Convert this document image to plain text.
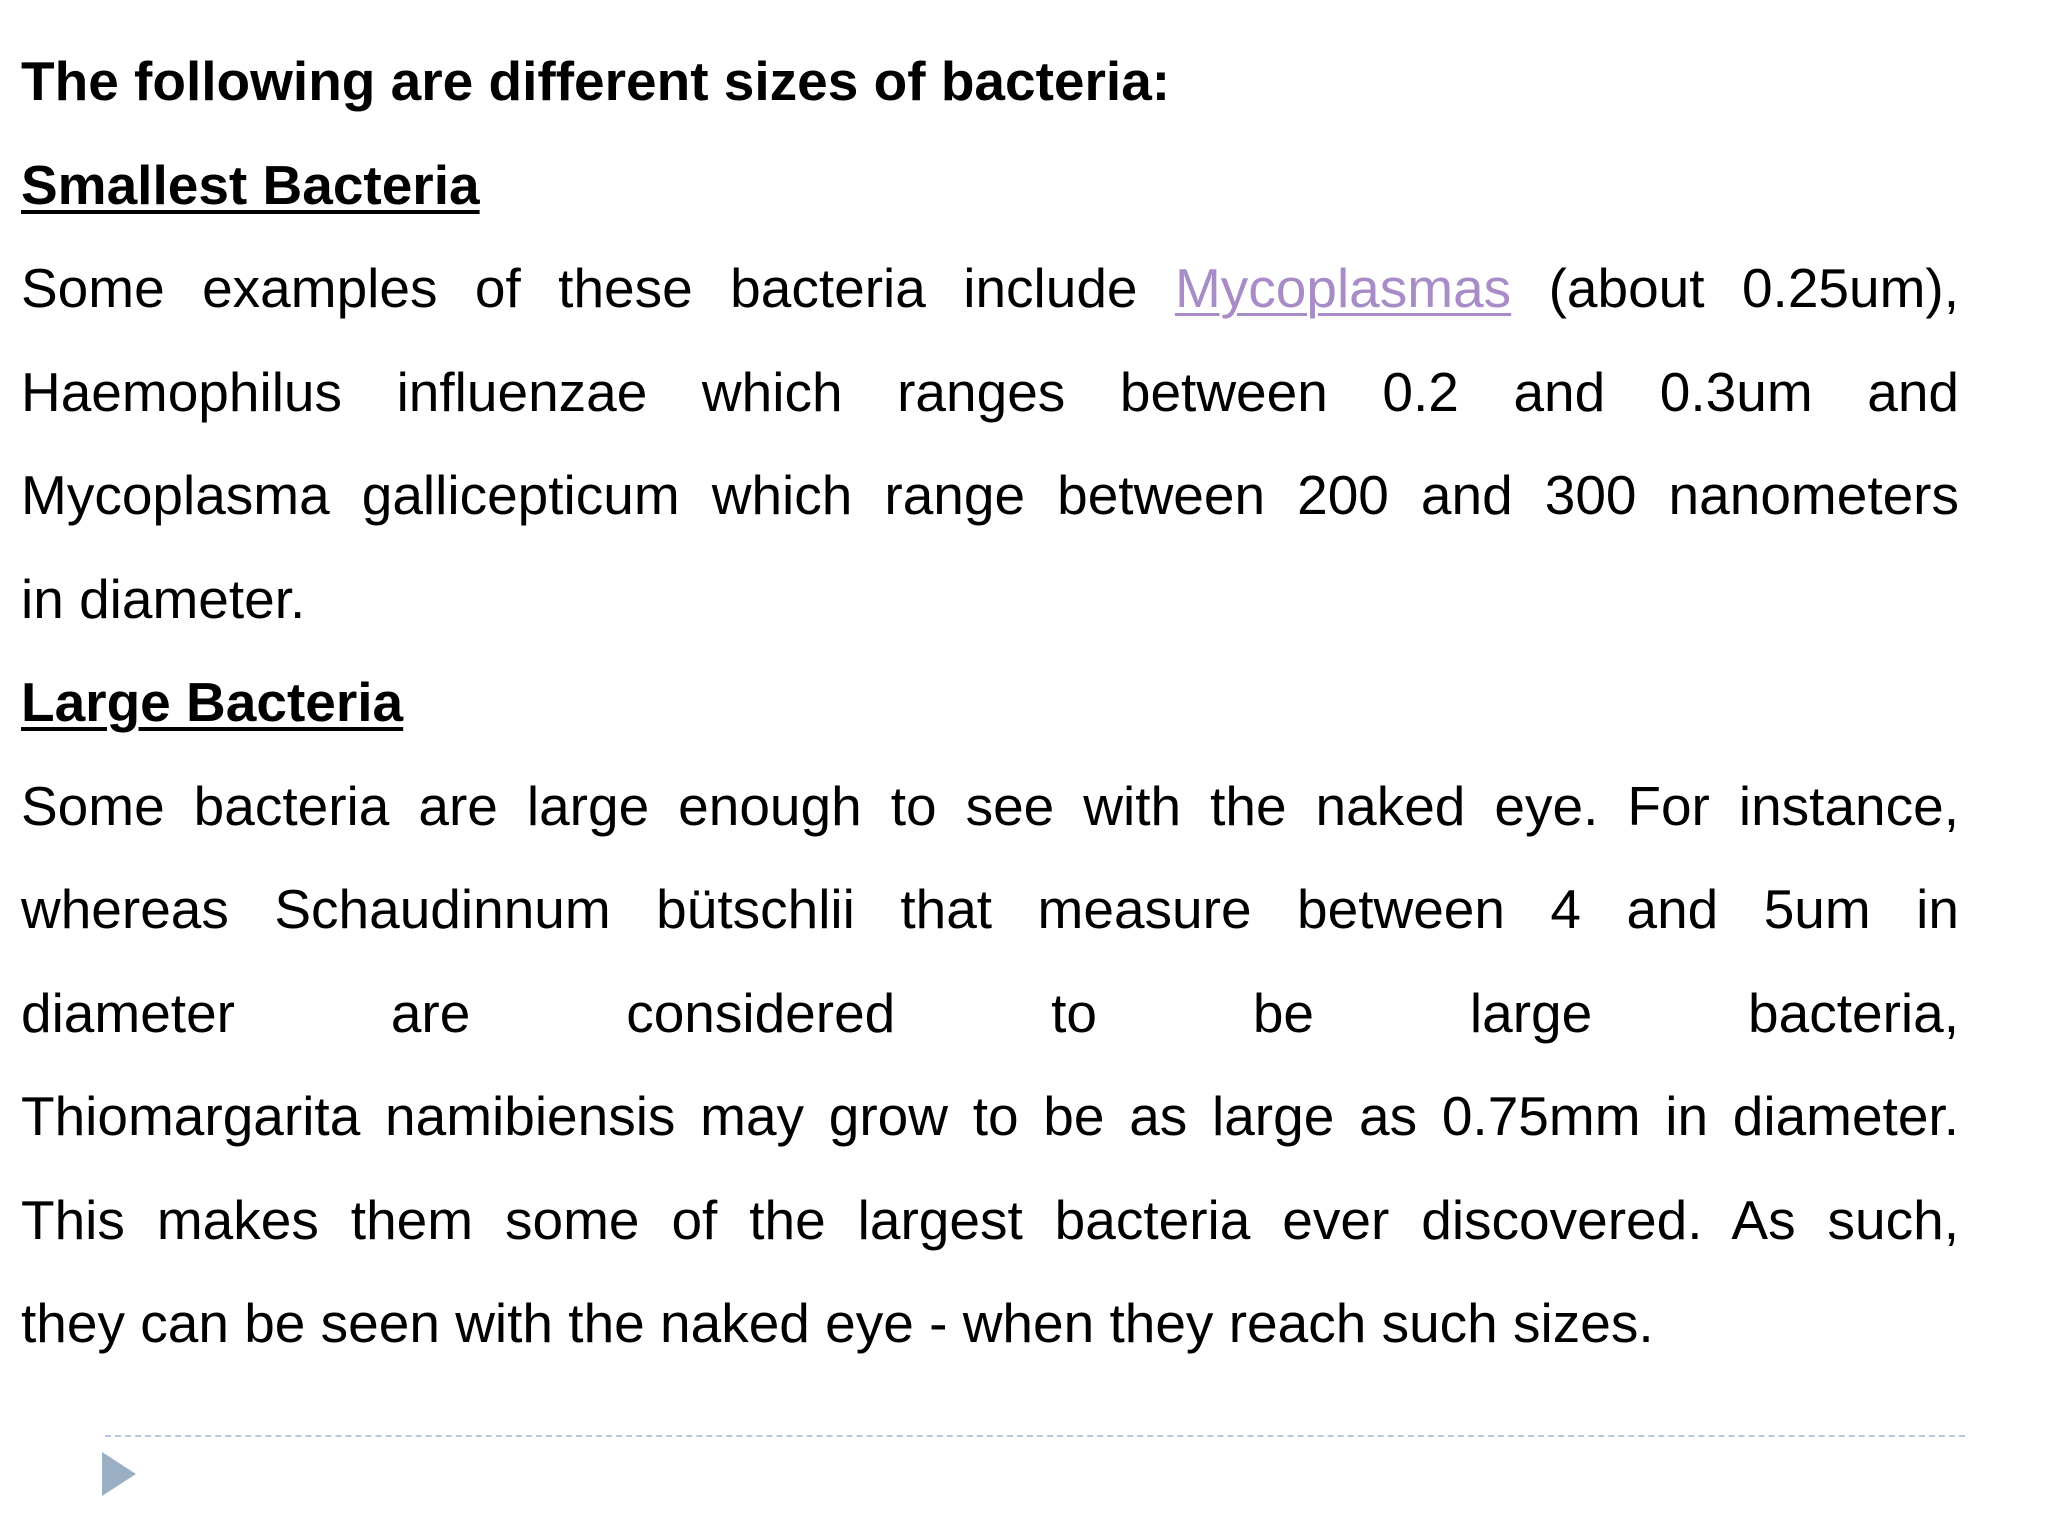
The following are different sizes of bacteria:
Smallest Bacteria
Some examples of these bacteria include Mycoplasmas (about 0.25um),
Haemophilus influenzae which ranges between 0.2 and 0.3um and
Mycoplasma gallicepticum which range between 200 and 300 nanometers
in diameter.
Large Bacteria
Some bacteria are large enough to see with the naked eye. For instance,
whereas Schaudinnum bütschlii that measure between 4 and 5um in
diameter are considered to be large bacteria,
Thiomargarita namibiensis may grow to be as large as 0.75mm in diameter.
This makes them some of the largest bacteria ever discovered. As such,
they can be seen with the naked eye - when they reach such sizes.
